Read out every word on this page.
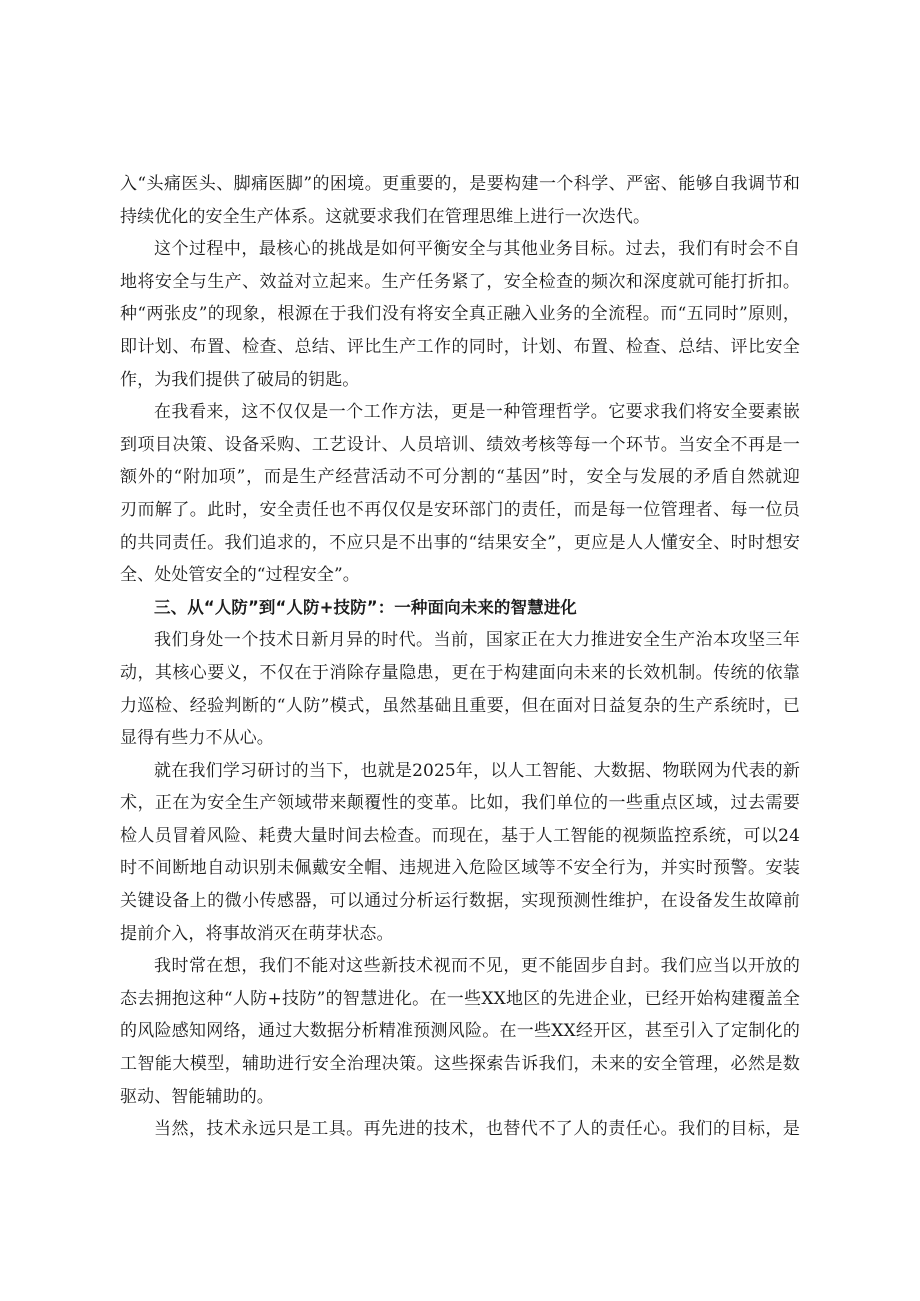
入“头痛医头、脚痛医脚”的困境。更重要的，是要构建一个科学、严密、能够自我调节和
持续优化的安全生产体系。这就要求我们在管理思维上进行一次迭代。
这个过程中，最核心的挑战是如何平衡安全与其他业务目标。过去，我们有时会不自
地将安全与生产、效益对立起来。生产任务紧了，安全检查的频次和深度就可能打折扣。
种“两张皮”的现象，根源在于我们没有将安全真正融入业务的全流程。而“五同时”原则，
即计划、布置、检查、总结、评比生产工作的同时，计划、布置、检查、总结、评比安全
作，为我们提供了破局的钥匙。
在我看来，这不仅仅是一个工作方法，更是一种管理哲学。它要求我们将安全要素嵌
到项目决策、设备采购、工艺设计、人员培训、绩效考核等每一个环节。当安全不再是一
额外的“附加项”，而是生产经营活动不可分割的“基因”时，安全与发展的矛盾自然就迎
刃而解了。此时，安全责任也不再仅仅是安环部门的责任，而是每一位管理者、每一位员
的共同责任。我们追求的，不应只是不出事的“结果安全”，更应是人人懂安全、时时想安
全、处处管安全的“过程安全”。
三、从“人防”到“人防+技防”：一种面向未来的智慧进化
我们身处一个技术日新月异的时代。当前，国家正在大力推进安全生产治本攻坚三年
动，其核心要义，不仅在于消除存量隐患，更在于构建面向未来的长效机制。传统的依靠
力巡检、经验判断的“人防”模式，虽然基础且重要，但在面对日益复杂的生产系统时，已
显得有些力不从心。
就在我们学习研讨的当下，也就是2025年，以人工智能、大数据、物联网为代表的新
术，正在为安全生产领域带来颠覆性的变革。比如，我们单位的一些重点区域，过去需要
检人员冒着风险、耗费大量时间去检查。而现在，基于人工智能的视频监控系统，可以24
时不间断地自动识别未佩戴安全帽、违规进入危险区域等不安全行为，并实时预警。安装
关键设备上的微小传感器，可以通过分析运行数据，实现预测性维护，在设备发生故障前
提前介入，将事故消灭在萌芽状态。
我时常在想，我们不能对这些新技术视而不见，更不能固步自封。我们应当以开放的
态去拥抱这种“人防+技防”的智慧进化。在一些XX地区的先进企业，已经开始构建覆盖全
的风险感知网络，通过大数据分析精准预测风险。在一些XX经开区，甚至引入了定制化的
工智能大模型，辅助进行安全治理决策。这些探索告诉我们，未来的安全管理，必然是数
驱动、智能辅助的。
当然，技术永远只是工具。再先进的技术，也替代不了人的责任心。我们的目标，是
